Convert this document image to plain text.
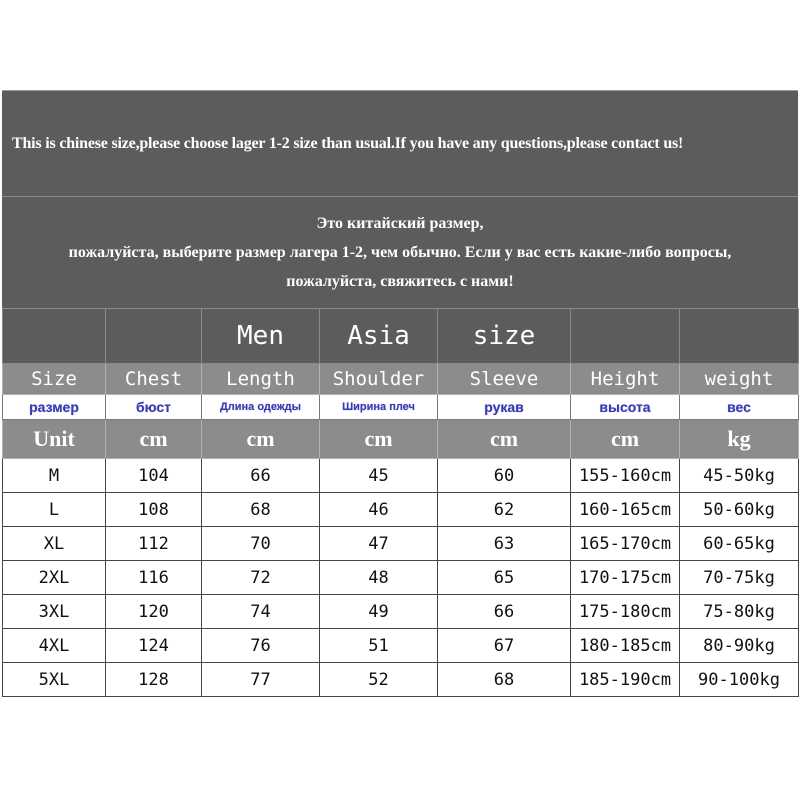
This is chinese size,please choose lager 1-2 size than usual.If you have any questions,please contact us!
Это китайский размер,
пожалуйста, выберите размер лагера 1-2, чем обычно. Если у вас есть какие-либо вопросы,
пожалуйста, свяжитесь с нами!
		Men	Asia	size		
Size	Chest	Length	Shoulder	Sleeve	Height	weight
размер	бюст	Длина одежды	Ширина плеч	рукав	высота	вес
Unit	cm	cm	cm	cm	cm	kg
M	104	66	45	60	155-160cm	45-50kg
L	108	68	46	62	160-165cm	50-60kg
XL	112	70	47	63	165-170cm	60-65kg
2XL	116	72	48	65	170-175cm	70-75kg
3XL	120	74	49	66	175-180cm	75-80kg
4XL	124	76	51	67	180-185cm	80-90kg
5XL	128	77	52	68	185-190cm	90-100kg
